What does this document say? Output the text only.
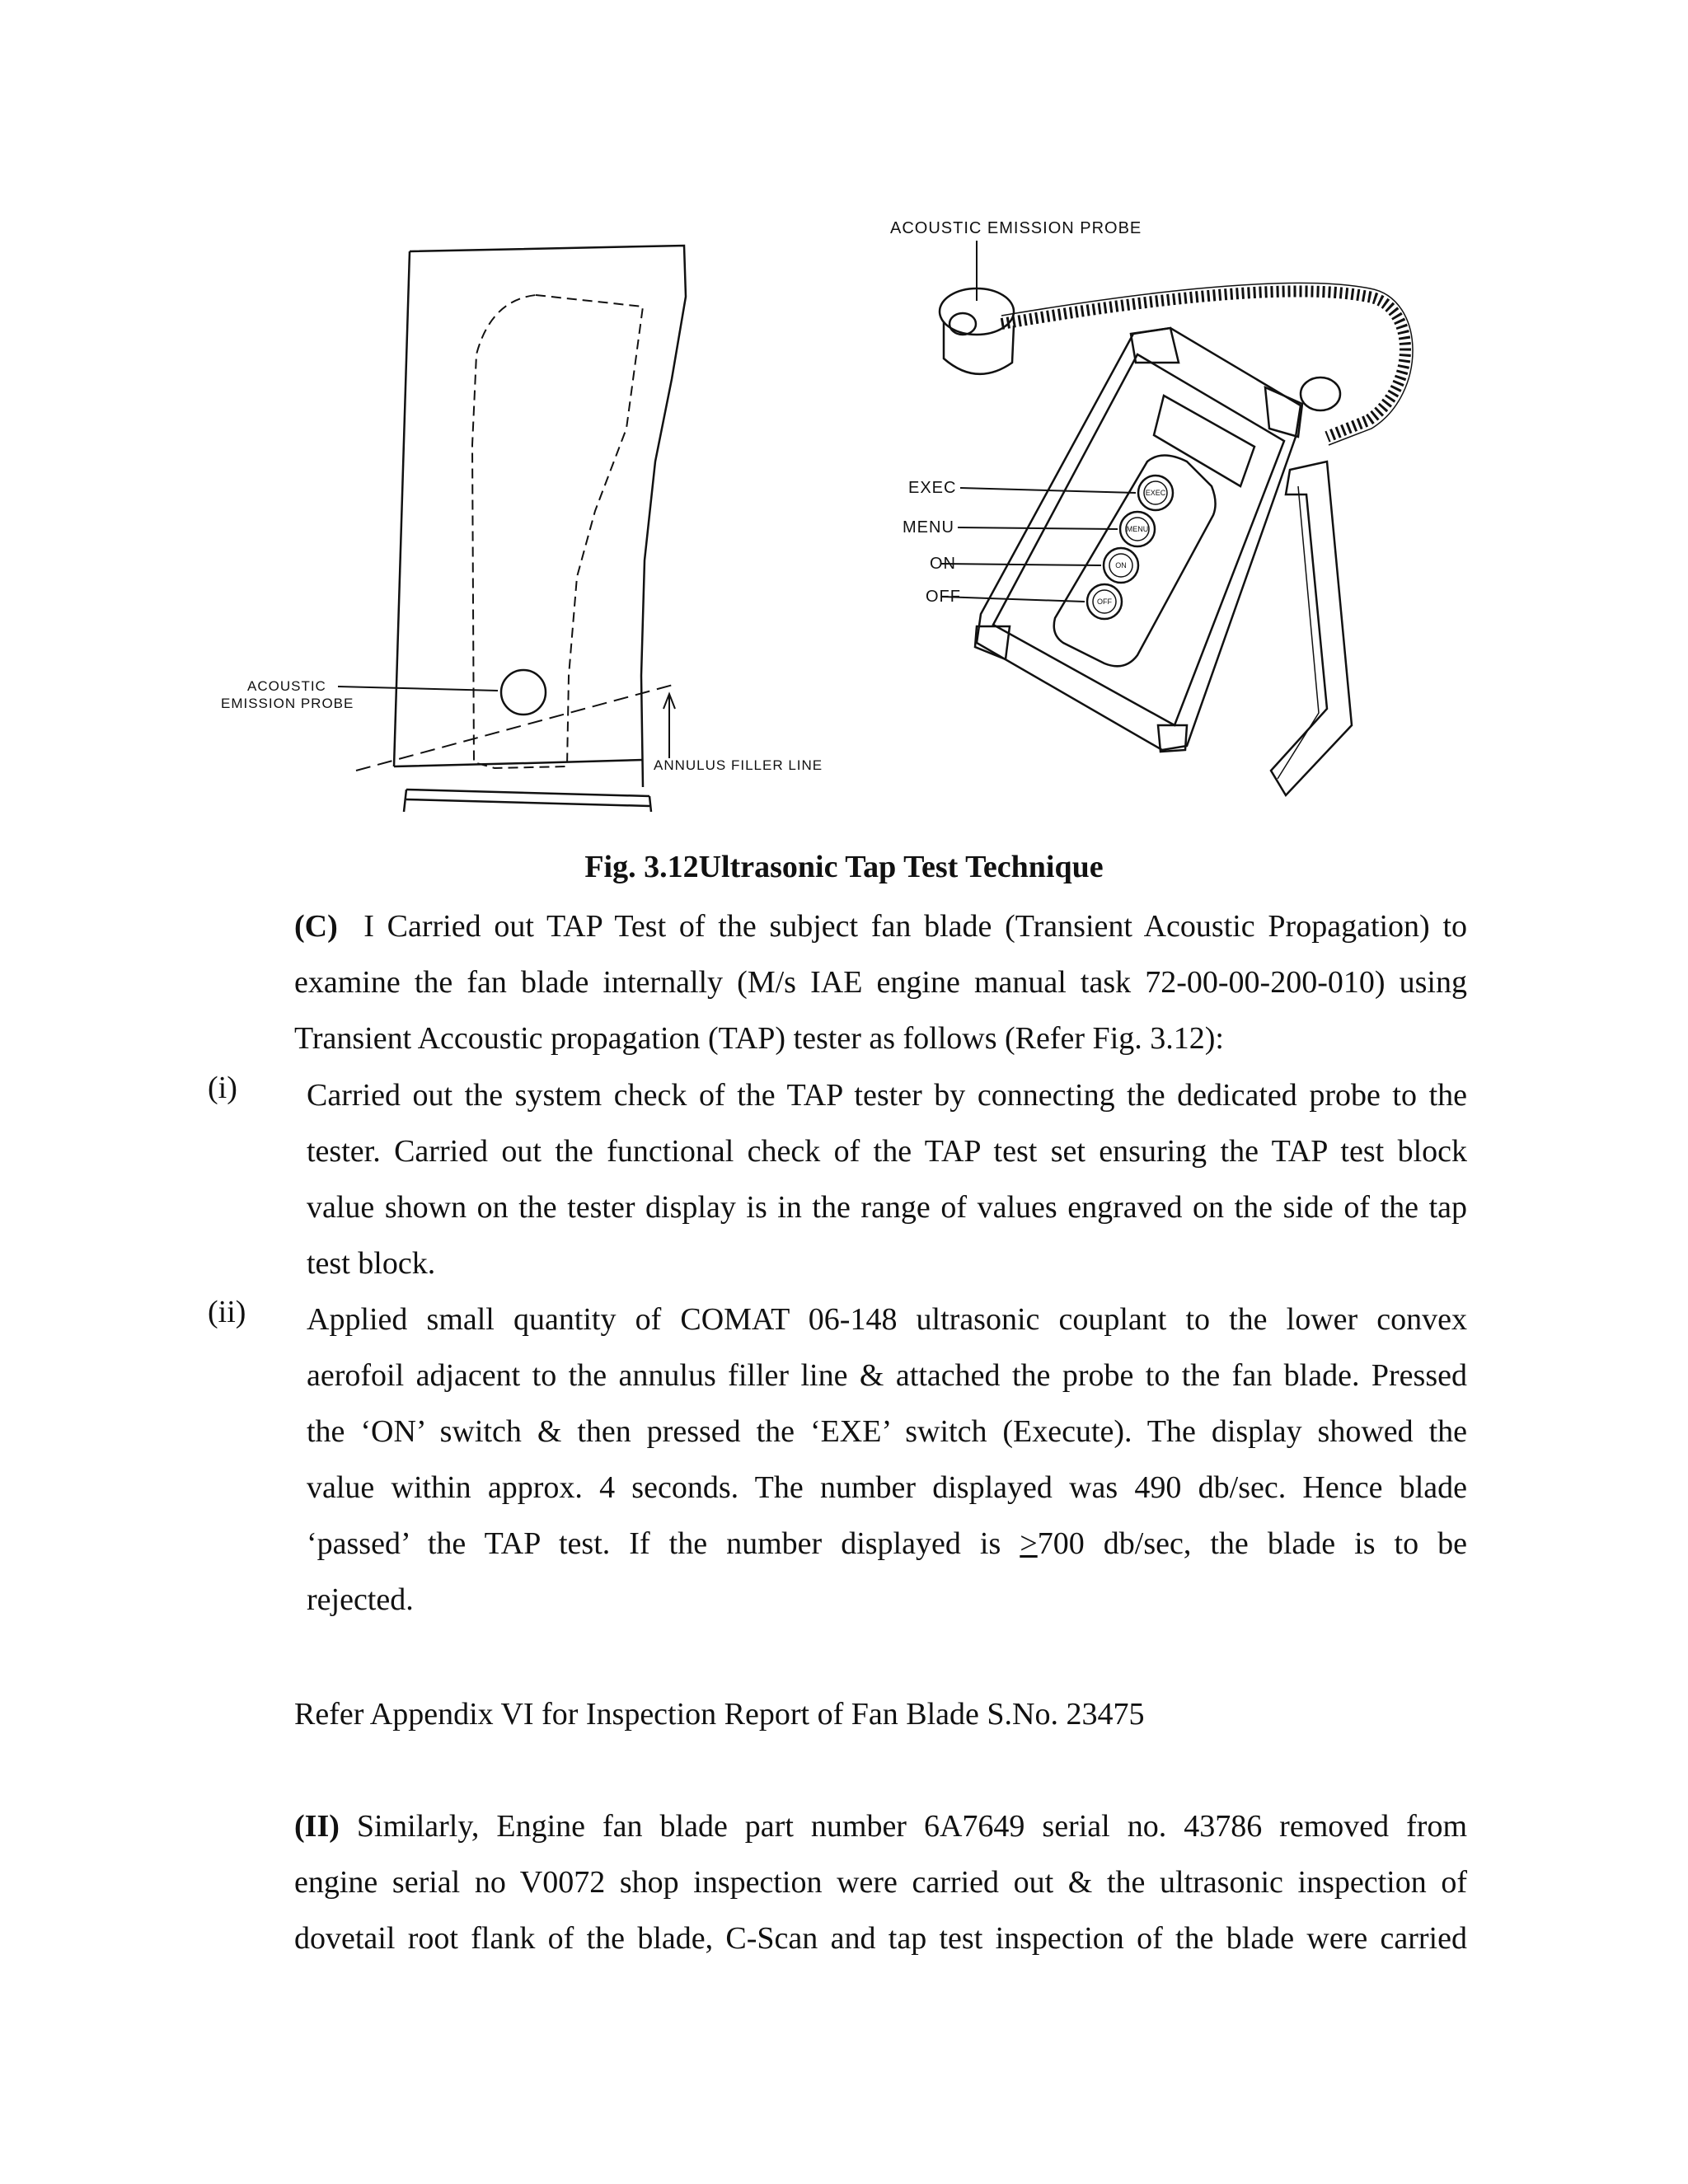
ACOUSTIC
EMISSION PROBE
ANNULUS FILLER LINE
ACOUSTIC EMISSION PROBE
EXEC
MENU
ON
OFF
EXEC
MENU
ON
OFF
Fig. 3.12Ultrasonic Tap Test Technique
(C) I Carried out TAP Test of the subject fan blade (Transient Acoustic Propagation) to
examine the fan blade internally (M/s IAE engine manual task 72-00-00-200-010) using
Transient Accoustic propagation (TAP) tester as follows (Refer Fig. 3.12):
(i) Carried out the system check of the TAP tester by connecting the dedicated probe to the
tester. Carried out the functional check of the TAP test set ensuring the TAP test block
value shown on the tester display is in the range of values engraved on the side of the tap
test block.
(ii) Applied small quantity of COMAT 06-148 ultrasonic couplant to the lower convex
aerofoil adjacent to the annulus filler line & attached the probe to the fan blade. Pressed
the ‘ON’ switch & then pressed the ‘EXE’ switch (Execute). The display showed the
value within approx. 4 seconds. The number displayed was 490 db/sec. Hence blade
‘passed’ the TAP test. If the number displayed is ≥700 db/sec, the blade is to be
rejected.
Refer Appendix VI for Inspection Report of Fan Blade S.No. 23475
(II) Similarly, Engine fan blade part number 6A7649 serial no. 43786 removed from
engine serial no V0072 shop inspection were carried out & the ultrasonic inspection of
dovetail root flank of the blade, C-Scan and tap test inspection of the blade were carried
